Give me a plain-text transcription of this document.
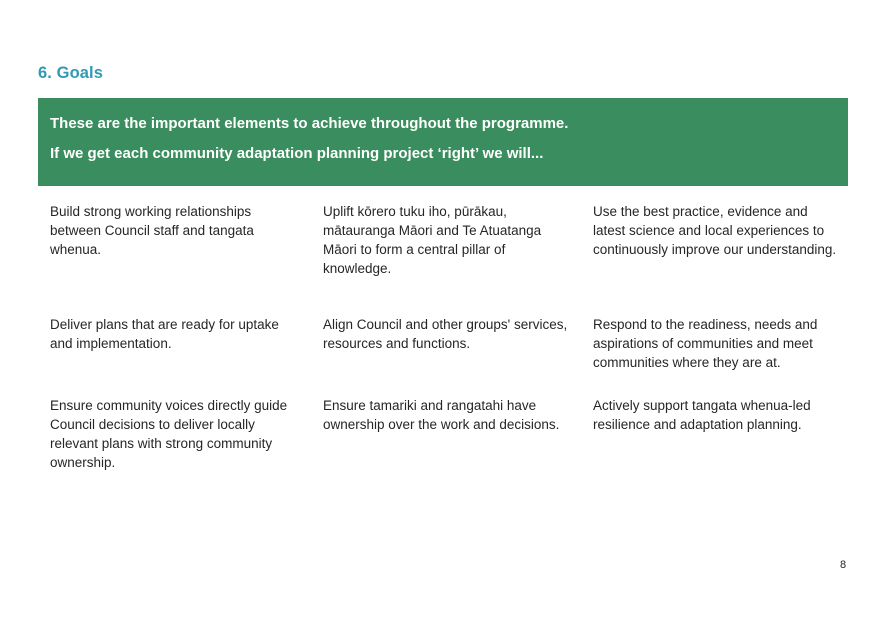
6. Goals

These are the important elements to achieve throughout the programme.

If we get each community adaptation planning project ‘right’ we will...

Build strong working relationships between Council staff and tangata whenua.
Uplift kōrero tuku iho, pūrākau, mātauranga Māori and Te Atuatanga Māori to form a central pillar of knowledge.
Use the best practice, evidence and latest science and local experiences to continuously improve our understanding.
Deliver plans that are ready for uptake and implementation.
Align Council and other groups' services, resources and functions.
Respond to the readiness, needs and aspirations of communities and meet communities where they are at.
Ensure community voices directly guide Council decisions to deliver locally relevant plans with strong community ownership.
Ensure tamariki and rangatahi have ownership over the work and decisions.
Actively support tangata whenua-led resilience and adaptation planning.
8
